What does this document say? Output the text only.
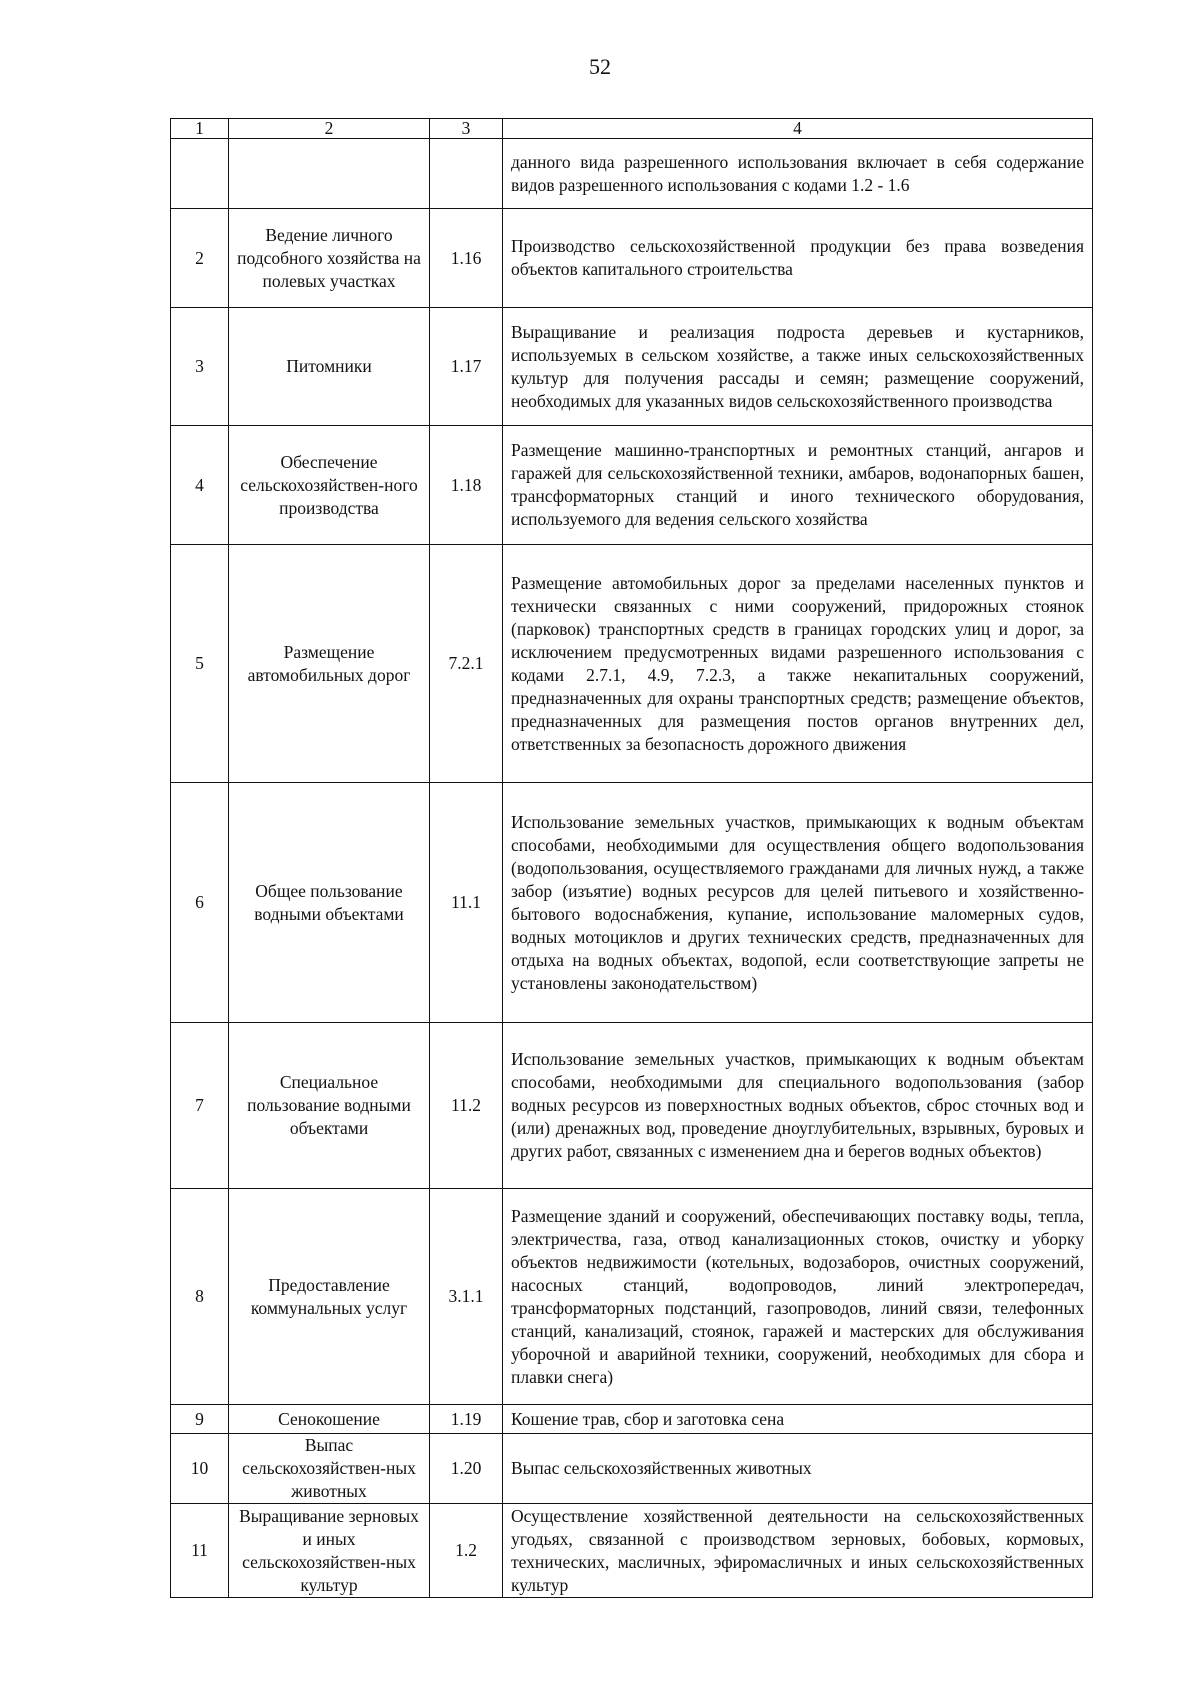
52
1	2	3	4
			данного вида разрешенного использования включает в себя содержание видов разрешенного использования с кодами 1.2 - 1.6
2	Ведение личного подсобного хозяйства на полевых участках	1.16	Производство сельскохозяйственной продукции без права возведения объектов капитального строительства
3	Питомники	1.17	Выращивание и реализация подроста деревьев и кустарников, используемых в сельском хозяйстве, а также иных сельскохозяйственных культур для получения рассады и семян; размещение сооружений, необходимых для указанных видов сельскохозяйственного производства
4	Обеспечение сельскохозяйствен-ного производства	1.18	Размещение машинно-транспортных и ремонтных станций, ангаров и гаражей для сельскохозяйственной техники, амбаров, водонапорных башен, трансформаторных станций и иного технического оборудования, используемого для ведения сельского хозяйства
5	Размещение автомобильных дорог	7.2.1	Размещение автомобильных дорог за пределами населенных пунктов и технически связанных с ними сооружений, придорожных стоянок (парковок) транспортных средств в границах городских улиц и дорог, за исключением предусмотренных видами разрешенного использования с кодами 2.7.1, 4.9, 7.2.3, а также некапитальных сооружений, предназначенных для охраны транспортных средств; размещение объектов, предназначенных для размещения постов органов внутренних дел, ответственных за безопасность дорожного движения
6	Общее пользование водными объектами	11.1	Использование земельных участков, примыкающих к водным объектам способами, необходимыми для осуществления общего водопользования (водопользования, осуществляемого гражданами для личных нужд, а также забор (изъятие) водных ресурсов для целей питьевого и хозяйственно-бытового водоснабжения, купание, использование маломерных судов, водных мотоциклов и других технических средств, предназначенных для отдыха на водных объектах, водопой, если соответствующие запреты не установлены законодательством)
7	Специальное пользование водными объектами	11.2	Использование земельных участков, примыкающих к водным объектам способами, необходимыми для специального водопользования (забор водных ресурсов из поверхностных водных объектов, сброс сточных вод и (или) дренажных вод, проведение дноуглубительных, взрывных, буровых и других работ, связанных с изменением дна и берегов водных объектов)
8	Предоставление коммунальных услуг	3.1.1	Размещение зданий и сооружений, обеспечивающих поставку воды, тепла, электричества, газа, отвод канализационных стоков, очистку и уборку объектов недвижимости (котельных, водозаборов, очистных сооружений, насосных станций, водопроводов, линий электропередач, трансформаторных подстанций, газопроводов, линий связи, телефонных станций, канализаций, стоянок, гаражей и мастерских для обслуживания уборочной и аварийной техники, сооружений, необходимых для сбора и плавки снега)
9	Сенокошение	1.19	Кошение трав, сбор и заготовка сена
10	Выпас сельскохозяйствен-ных животных	1.20	Выпас сельскохозяйственных животных
11	Выращивание зерновых и иных сельскохозяйствен-ных культур	1.2	Осуществление хозяйственной деятельности на сельскохозяйственных угодьях, связанной с производством зерновых, бобовых, кормовых, технических, масличных, эфиромасличных и иных сельскохозяйственных культур
